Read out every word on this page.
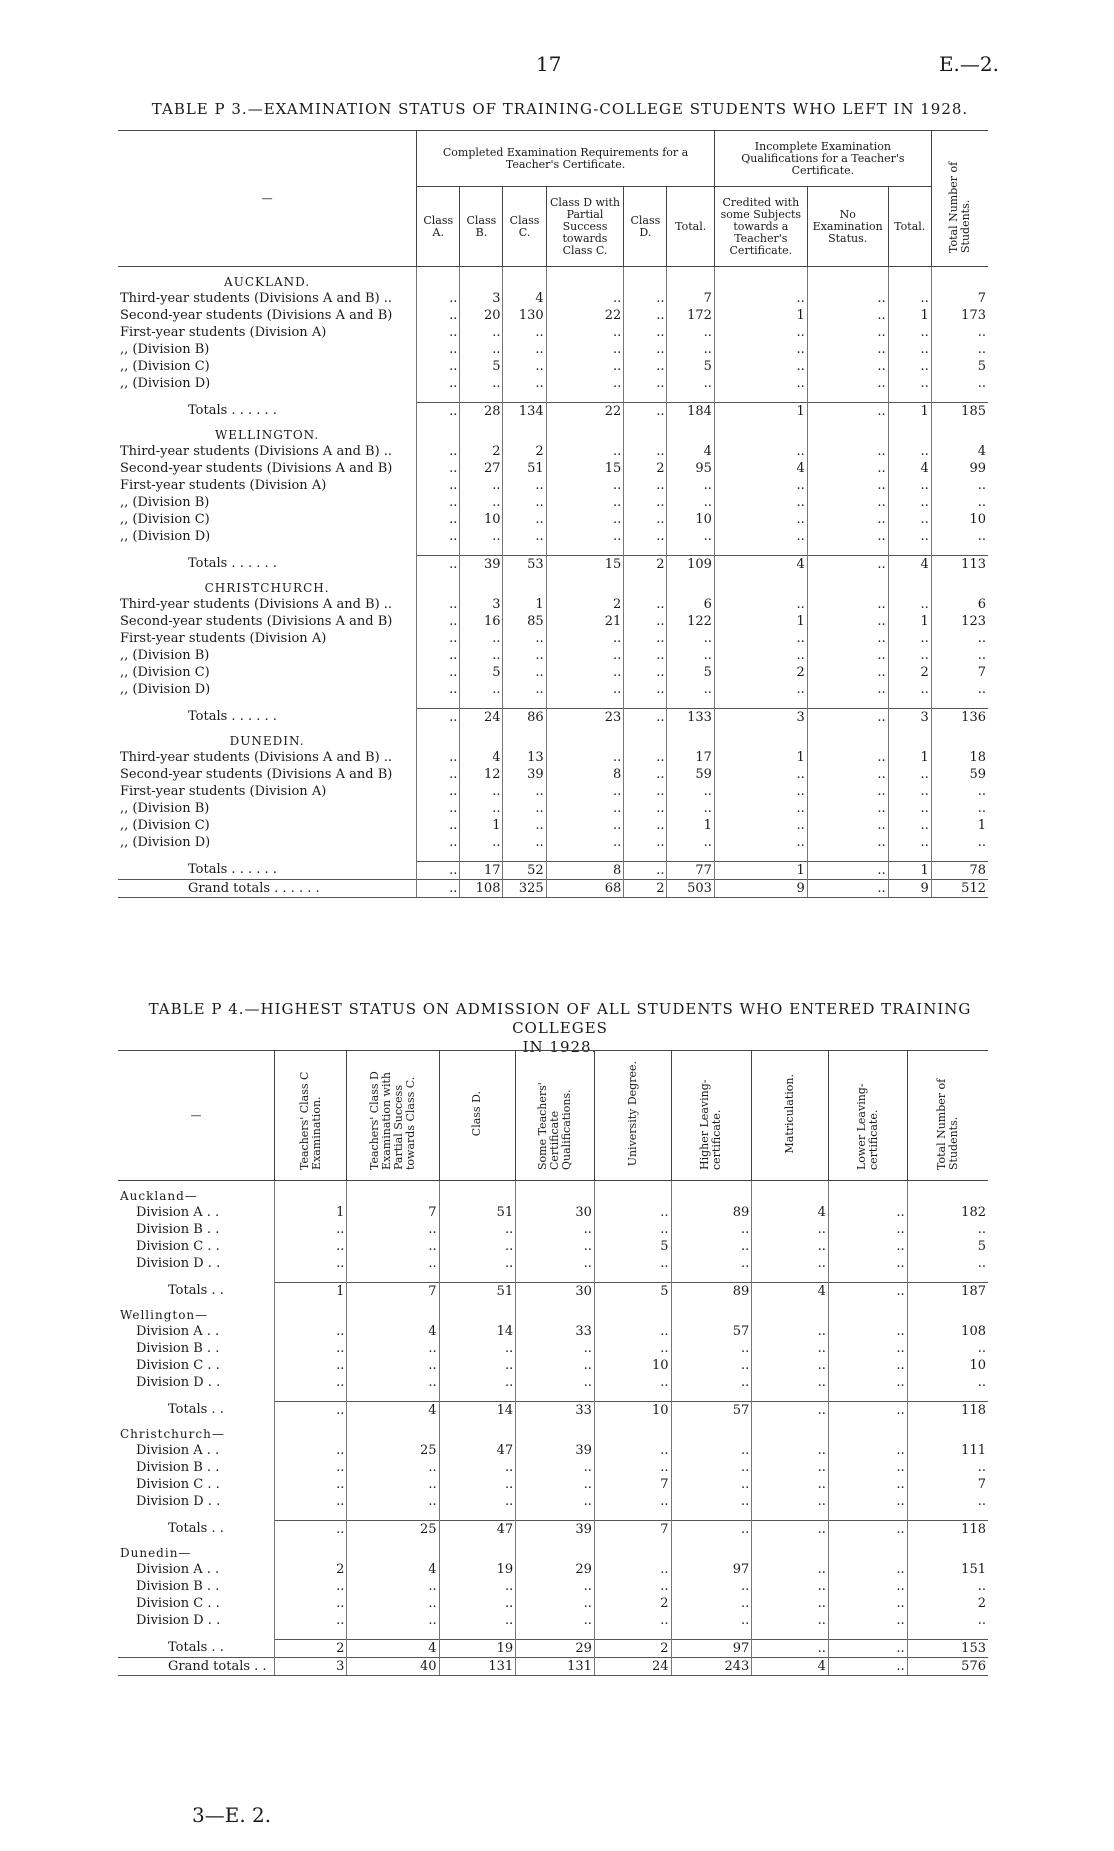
17	E.—2.
TABLE P 3.—EXAMINATION STATUS OF TRAINING-COLLEGE STUDENTS WHO LEFT IN 1928.
—	Completed Examination Requirements for a Teacher's Certificate.						Incomplete Examination Qualifications for a Teacher's Certificate.			Total Number of Students.
	Class A.	Class B.	Class C.	Class D with Partial Success towards Class C.	Class D.	Total.	Credited with some Subjects towards a Teacher's Certificate.	No Examination Status.	Total.	
AUCKLAND.										
Third-year students (Divisions A and B) ..	..	3	4	..	..	7	..	..	..	7
Second-year students (Divisions A and B)	..	20	130	22	..	172	1	..	1	173
First-year students (Division A)	..	..	..	..	..	..	..	..	..	..
,, (Division B)	..	..	..	..	..	..	..	..	..	..
,, (Division C)	..	5	..	..	..	5	..	..	..	5
,, (Division D)	..	..	..	..	..	..	..	..	..	..

Totals . . . . . .	..	28	134	22	..	184	1	..	1	185
WELLINGTON.										
Third-year students (Divisions A and B) ..	..	2	2	..	..	4	..	..	..	4
Second-year students (Divisions A and B)	..	27	51	15	2	95	4	..	4	99
First-year students (Division A)	..	..	..	..	..	..	..	..	..	..
,, (Division B)	..	..	..	..	..	..	..	..	..	..
,, (Division C)	..	10	..	..	..	10	..	..	..	10
,, (Division D)	..	..	..	..	..	..	..	..	..	..

Totals . . . . . .	..	39	53	15	2	109	4	..	4	113
CHRISTCHURCH.										
Third-year students (Divisions A and B) ..	..	3	1	2	..	6	..	..	..	6
Second-year students (Divisions A and B)	..	16	85	21	..	122	1	..	1	123
First-year students (Division A)	..	..	..	..	..	..	..	..	..	..
,, (Division B)	..	..	..	..	..	..	..	..	..	..
,, (Division C)	..	5	..	..	..	5	2	..	2	7
,, (Division D)	..	..	..	..	..	..	..	..	..	..

Totals . . . . . .	..	24	86	23	..	133	3	..	3	136
DUNEDIN.										
Third-year students (Divisions A and B) ..	..	4	13	..	..	17	1	..	1	18
Second-year students (Divisions A and B)	..	12	39	8	..	59	..	..	..	59
First-year students (Division A)	..	..	..	..	..	..	..	..	..	..
,, (Division B)	..	..	..	..	..	..	..	..	..	..
,, (Division C)	..	1	..	..	..	1	..	..	..	1
,, (Division D)	..	..	..	..	..	..	..	..	..	..

Totals . . . . . .	..	17	52	8	..	77	1	..	1	78
Grand totals . . . . . .	..	108	325	68	2	503	9	..	9	512
TABLE P 4.—HIGHEST STATUS ON ADMISSION OF ALL STUDENTS WHO ENTERED TRAINING COLLEGES
IN 1928.
—	Teachers' Class C Examination.	Teachers' Class D Examination with Partial Success towards Class C.	Class D.	Some Teachers' Certificate Qualifications.	University Degree.	Higher Leaving-certificate.	Matriculation.	Lower Leaving-certificate.	Total Number of Students.
Auckland—									
Division A . .	1	7	51	30	..	89	4	..	182
Division B . .	..	..	..	..	..	..	..	..	..
Division C . .	..	..	..	..	5	..	..	..	5
Division D . .	..	..	..	..	..	..	..	..	..

Totals . .	1	7	51	30	5	89	4	..	187
Wellington—									
Division A . .	..	4	14	33	..	57	..	..	108
Division B . .	..	..	..	..	..	..	..	..	..
Division C . .	..	..	..	..	10	..	..	..	10
Division D . .	..	..	..	..	..	..	..	..	..

Totals . .	..	4	14	33	10	57	..	..	118
Christchurch—									
Division A . .	..	25	47	39	..	..	..	..	111
Division B . .	..	..	..	..	..	..	..	..	..
Division C . .	..	..	..	..	7	..	..	..	7
Division D . .	..	..	..	..	..	..	..	..	..

Totals . .	..	25	47	39	7	..	..	..	118
Dunedin—									
Division A . .	2	4	19	29	..	97	..	..	151
Division B . .	..	..	..	..	..	..	..	..	..
Division C . .	..	..	..	..	2	..	..	..	2
Division D . .	..	..	..	..	..	..	..	..	..

Totals . .	2	4	19	29	2	97	..	..	153
Grand totals . .	3	40	131	131	24	243	4	..	576
3—E. 2.
